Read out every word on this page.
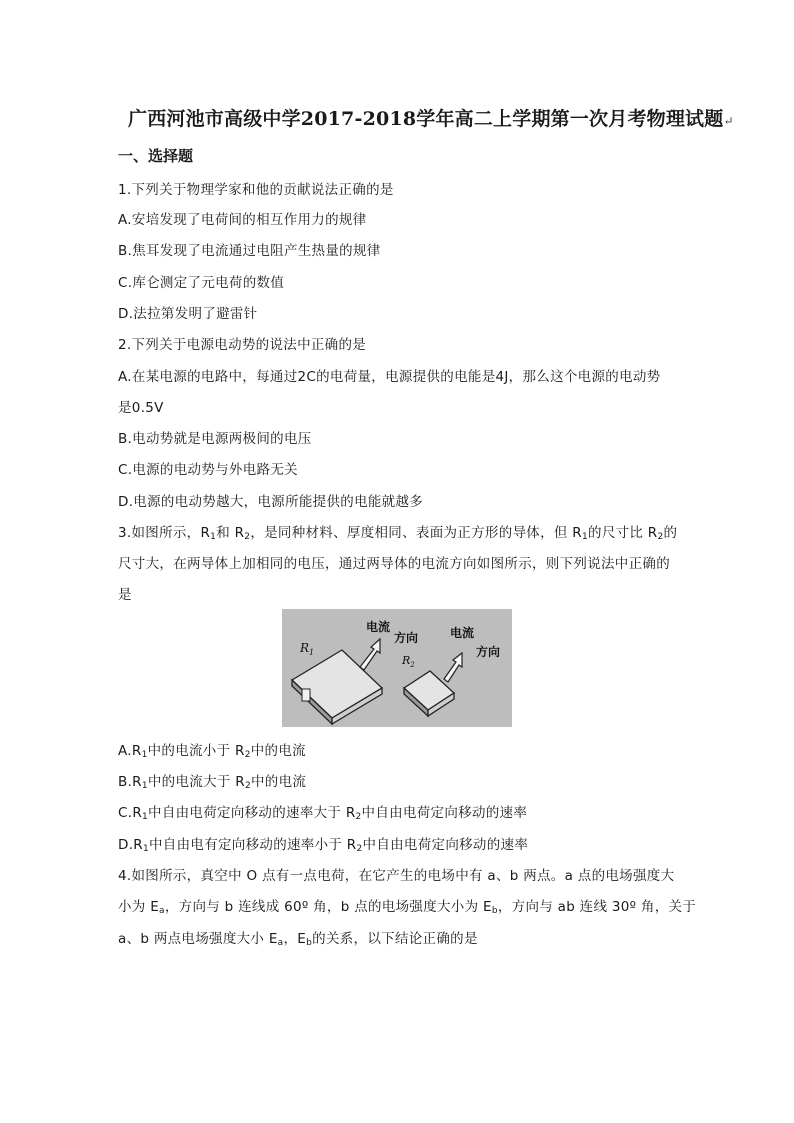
广西河池市高级中学2017-2018学年高二上学期第一次月考物理试题↵
一、选择题
1.下列关于物理学家和他的贡献说法正确的是
A.安培发现了电荷间的相互作用力的规律
B.焦耳发现了电流通过电阻产生热量的规律
C.库仑测定了元电荷的数值
D.法拉第发明了避雷针
2.下列关于电源电动势的说法中正确的是
A.在某电源的电路中，每通过2C的电荷量，电源提供的电能是4J，那么这个电源的电动势
是0.5V
B.电动势就是电源两极间的电压
C.电源的电动势与外电路无关
D.电源的电动势越大，电源所能提供的电能就越多
3.如图所示，$R_1$和 $R_2$，是同种材料、厚度相同、表面为正方形的导体，但 $R_1$的尺寸比 $R_2$的
尺寸大，在两导体上加相同的电压，通过两导体的电流方向如图所示，则下列说法中正确的
是
$R_1$
电流
方向
$R_2$
电流
方向
$A.R_1$中的电流小于 $R_2$中的电流
$B.R_1$中的电流大于 $R_2$中的电流
$C.R_1$中自由电荷定向移动的速率大于 $R_2$中自由电荷定向移动的速率
$D.R_1$中自由电有定向移动的速率小于 $R_2$中自由电荷定向移动的速率
4.如图所示，真空中 O 点有一点电荷，在它产生的电场中有 a、b 两点。a 点的电场强度大
小为 $E_a$，方向与 b 连线成 60º 角，b 点的电场强度大小为 $E_b$，方向与 ab 连线 30º 角，关于
a、b 两点电场强度大小 $E_a$，$E_b$的关系，以下结论正确的是
